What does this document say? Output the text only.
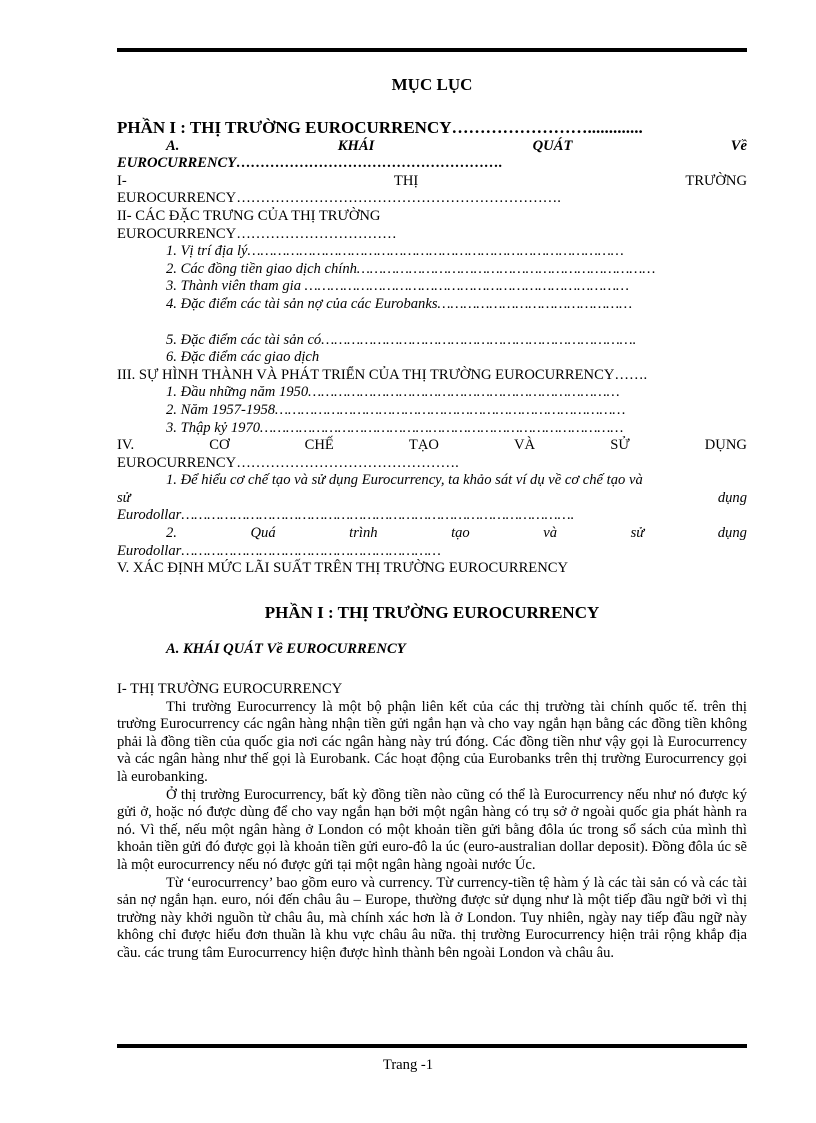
MỤC LỤC
PHẦN I : THỊ TRƯỜNG EUROCURRENCY…………………….............
A.	KHÁI	QUÁT	Về
EUROCURRENCY……………………………………………….
I-	THỊ	TRƯỜNG
EUROCURRENCY………………………………………………………….
II- CÁC ĐẶC TRƯNG CỦA THỊ TRƯỜNG
EUROCURRENCY……………………………
1. Vị trí địa lý……………………………………………………………………………
2. Các đồng tiền giao dịch chính……………………………………………………………
3. Thành viên tham gia …………………………………………………………………
4. Đặc điểm các tài sản nợ của các Eurobanks………………………………………
5. Đặc điểm các tài sản có……………………………………………………………….
6. Đặc điểm các giao dịch
III. SỰ HÌNH THÀNH VÀ PHÁT TRIỂN CỦA THỊ TRƯỜNG EUROCURRENCY…….
1. Đầu những năm 1950………………………………………………………………
2. Năm 1957-1958………………………………………………………………………
3. Thập kỷ 1970…………………………………………………………………………
IV.	CƠ	CHẾ	TẠO	VÀ	SỬ	DỤNG
EUROCURRENCY……………………………………….
1. Để hiểu cơ chế tạo và sử dụng Eurocurrency, ta khảo sát ví dụ về cơ chế tạo và
sử	dụng
Eurodollar……………………………………………………………………………….
2.	Quá	trình	tạo	và	sử	dụng
Eurodollar……………………………………………………
V. XÁC ĐỊNH MỨC LÃI SUẤT TRÊN THỊ TRƯỜNG EUROCURRENCY
PHẦN I : THỊ TRƯỜNG EUROCURRENCY
A. KHÁI QUÁT Về EUROCURRENCY
I- THỊ TRƯỜNG EUROCURRENCY
Thi trường Eurocurrency là một bộ phận liên kết của các thị trường tài chính quốc tế. trên thị trường Eurocurrency các ngân hàng nhận tiền gửi ngắn hạn và cho vay ngắn hạn bằng các đồng tiền không phải là đồng tiền của quốc gia nơi các ngân hàng này trú đóng. Các đồng tiền như vậy gọi là Eurocurrency và các ngân hàng như thế gọi là Eurobank. Các hoạt động của Eurobanks trên thị trường Eurocurrency gọi là eurobanking.
Ở thị trường Eurocurrency, bất kỳ đồng tiền nào cũng có thể là Eurocurrency nếu như nó được ký gửi ở, hoặc nó được dùng để cho vay ngắn hạn bởi một ngân hàng có trụ sở ở ngoài quốc gia phát hành ra nó. Vì thế, nếu một ngân hàng ở London có một khoản tiền gửi bằng đôla úc trong sổ sách của mình thì khoản tiền gửi đó được gọi là khoản tiền gửi euro-đô la úc (euro-australian dollar deposit). Đồng đôla úc sẽ là một eurocurrency nếu nó được gửi tại một ngân hàng ngoài nước Úc.
Từ ‘eurocurrency’ bao gồm euro và currency. Từ currency-tiền tệ hàm ý là các tài sản có và các tài sản nợ ngắn hạn. euro, nói đến châu âu – Europe, thường được sử dụng như là một tiếp đầu ngữ bởi vì thị trường này khởi nguồn từ châu âu, mà chính xác hơn là ở London. Tuy nhiên, ngày nay tiếp đầu ngữ này không chỉ được hiểu đơn thuần là khu vực châu âu nữa. thị trường Eurocurrency hiện trải rộng khắp địa cầu. các trung tâm Eurocurrency hiện được hình thành bên ngoài London và châu âu.
Trang -1
